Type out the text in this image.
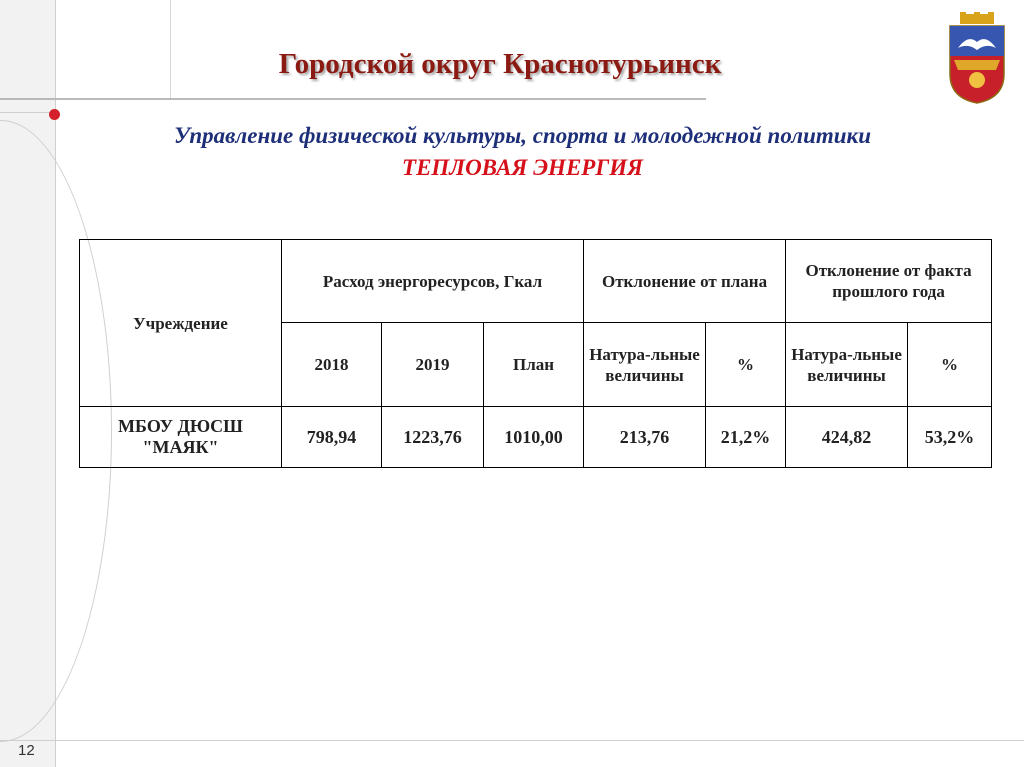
Городской округ Краснотурьинск
Управление физической культуры, спорта и молодежной политики
ТЕПЛОВАЯ ЭНЕРГИЯ
Учреждение	Расход энергоресурсов, Гкал			Отклонение от плана		Отклонение от факта прошлого года	
	2018	2019	План	Натура-льные величины	%	Натура-льные величины	%
МБОУ ДЮСШ "МАЯК"	798,94	1223,76	1010,00	213,76	21,2%	424,82	53,2%
12
